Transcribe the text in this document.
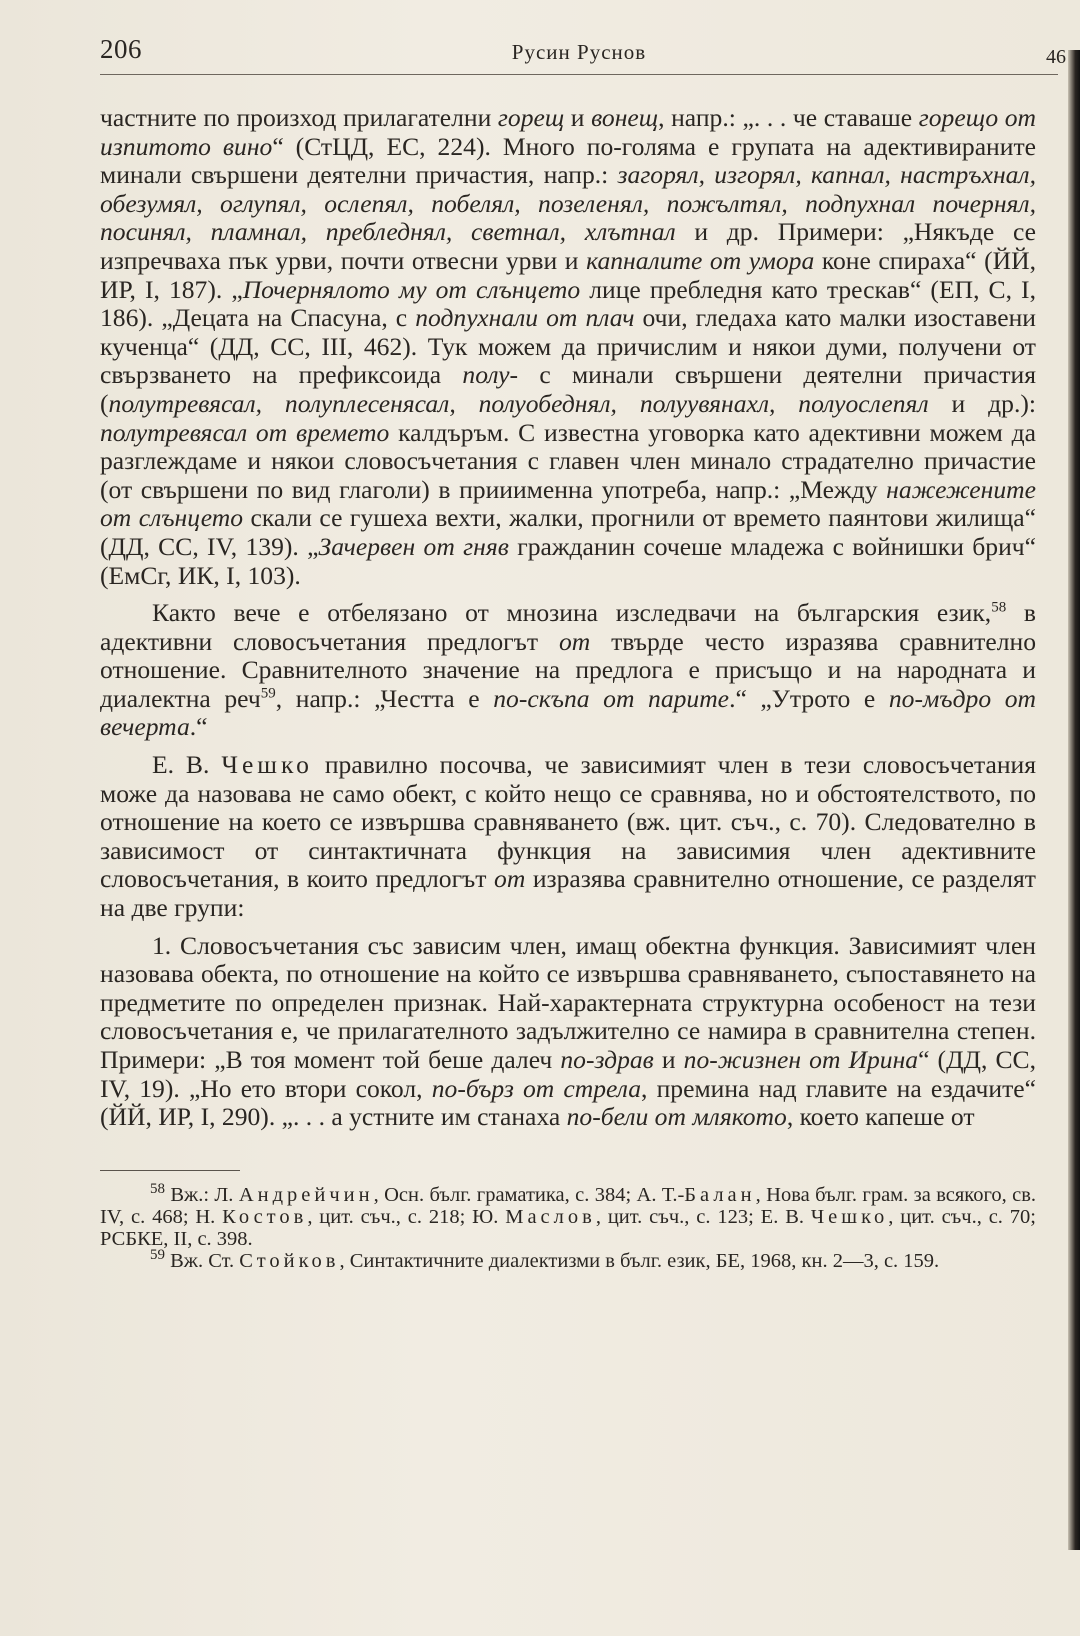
206	Русин Руснов	46

частните по произход прилагателни горещ и вонещ, напр.: „. . . че ставаше горещо от изпитото вино“ (СтЦД, ЕС, 224). Много по-голяма е групата на адективираните минали свършени деятелни причастия, напр.: загорял, изгорял, капнал, настръхнал, обезумял, оглупял, ослепял, побелял, позеленял, пожълтял, подпухнал почернял, посинял, пламнал, пребледнял, светнал, хлътнал и др. Примери: „Някъде се изпречваха пък урви, почти отвесни урви и капналите от умора коне спираха“ (ЙЙ, ИР, I, 187). „Почернялото му от слънцето лице пребледня като трескав“ (ЕП, С, I, 186). „Децата на Спасуна, с подпухнали от плач очи, гледаха като малки изоставени кученца“ (ДД, СС, III, 462). Тук можем да причислим и някои думи, получени от свързването на префиксоида полу- с минали свършени деятелни причастия (полутревясал, полуплесенясал, полуобеднял, полуувянахл, полуослепял и др.): полутревясал от времето калдъръм. С известна уговорка като адективни можем да разглеждаме и някои словосъчетания с главен член минало страдателно причастие (от свършени по вид глаголи) в прииименна употреба, напр.: „Между нажежените от слънцето скали се гушеха вехти, жалки, прогнили от времето паянтови жилища“ (ДД, СС, IV, 139). „Зачервен от гняв гражданин сочеше младежа с войнишки брич“ (ЕмСг, ИК, I, 103).

Както вече е отбелязано от мнозина изследвачи на българския език,$^{58}$ в адективни словосъчетания предлогът от твърде често изразява сравнително отношение. Сравнителното значение на предлога е присъщо и на народната и диалектна реч$^{59}$, напр.: „Честта е по-скъпа от парите.“ „Утрото е по-мъдро от вечерта.“

Е. В. Чешко правилно посочва, че зависимият член в тези словосъчетания може да назовава не само обект, с който нещо се сравнява, но и обстоятелството, по отношение на което се извършва сравняването (вж. цит. съч., с. 70). Следователно в зависимост от синтактичната функция на зависимия член адективните словосъчетания, в които предлогът от изразява сравнително отношение, се разделят на две групи:

1. Словосъчетания със зависим член, имащ обектна функция. Зависимият член назовава обекта, по отношение на който се извършва сравняването, съпоставянето на предметите по определен признак. Най-характерната структурна особеност на тези словосъчетания е, че прилагателното задължително се намира в сравнителна степен. Примери: „В тоя момент той беше далеч по-здрав и по-жизнен от Ирина“ (ДД, СС, IV, 19). „Но ето втори сокол, по-бърз от стрела, премина над главите на ездачите“ (ЙЙ, ИР, I, 290). „. . . а устните им станаха по-бели от млякото, което капеше от

$^{58}$ Вж.: Л. Андрейчин, Осн. бълг. граматика, с. 384; А. Т.-Балан, Нова бълг. грам. за всякого, св. IV, с. 468; Н. Костов, цит. съч., с. 218; Ю. Маслов, цит. съч., с. 123; Е. В. Чешко, цит. съч., с. 70; РСБКЕ, II, с. 398.

$^{59}$ Вж. Ст. Стойков, Синтактичните диалектизми в бълг. език, БЕ, 1968, кн. 2—3, с. 159.
